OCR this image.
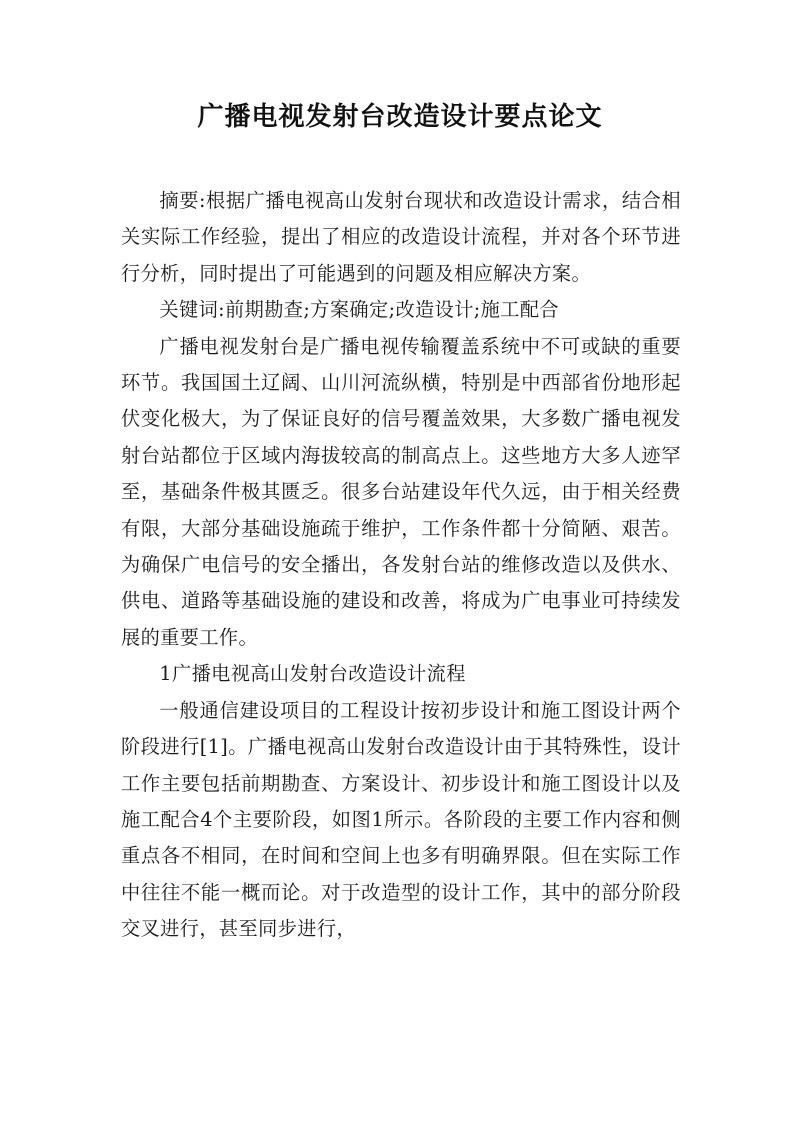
广播电视发射台改造设计要点论文

摘要:根据广播电视高山发射台现状和改造设计需求，结合相关实际工作经验，提出了相应的改造设计流程，并对各个环节进行分析，同时提出了可能遇到的问题及相应解决方案。

关键词:前期勘查;方案确定;改造设计;施工配合

广播电视发射台是广播电视传输覆盖系统中不可或缺的重要环节。我国国土辽阔、山川河流纵横，特别是中西部省份地形起伏变化极大，为了保证良好的信号覆盖效果，大多数广播电视发射台站都位于区域内海拔较高的制高点上。这些地方大多人迹罕至，基础条件极其匮乏。很多台站建设年代久远，由于相关经费有限，大部分基础设施疏于维护，工作条件都十分简陋、艰苦。为确保广电信号的安全播出，各发射台站的维修改造以及供水、供电、道路等基础设施的建设和改善，将成为广电事业可持续发展的重要工作。

1广播电视高山发射台改造设计流程

一般通信建设项目的工程设计按初步设计和施工图设计两个阶段进行[1]。广播电视高山发射台改造设计由于其特殊性，设计工作主要包括前期勘查、方案设计、初步设计和施工图设计以及施工配合4个主要阶段，如图1所示。各阶段的主要工作内容和侧重点各不相同，在时间和空间上也多有明确界限。但在实际工作中往往不能一概而论。对于改造型的设计工作，其中的部分阶段交叉进行，甚至同步进行，
